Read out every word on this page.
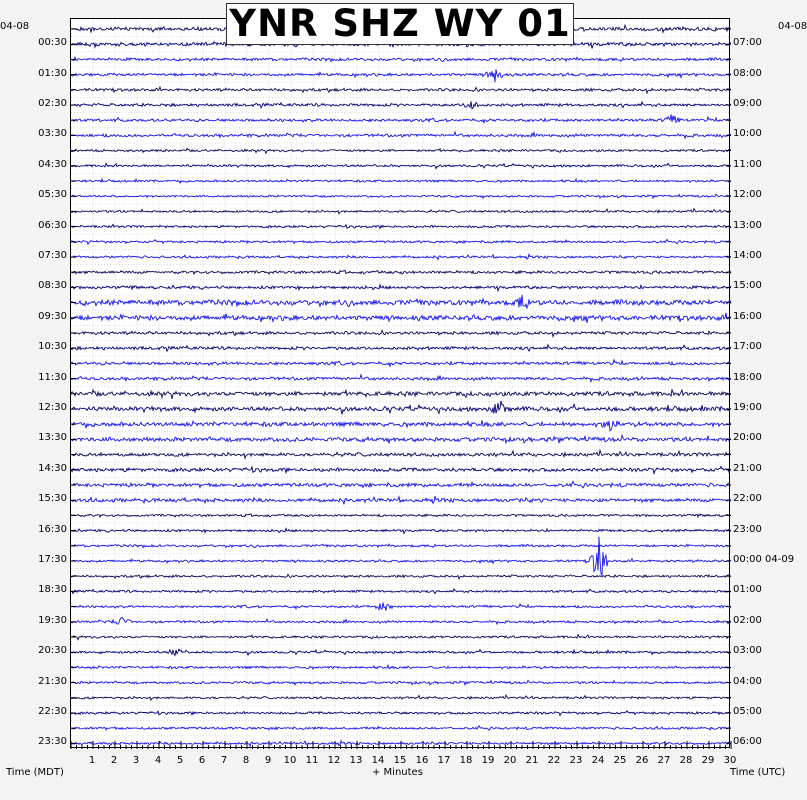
YNR SHZ WY 01
04-08	04-08
00:30
01:30
02:30
03:30
04:30
05:30
06:30
07:30
08:30
09:30
10:30
11:30
12:30
13:30
14:30
15:30
16:30
17:30
18:30
19:30
20:30
21:30
22:30
23:30
07:00
08:00
09:00
10:00
11:00
12:00
13:00
14:00
15:00
16:00
17:00
18:00
19:00
20:00
21:00
22:00
23:00
00:00 04-09
01:00
02:00
03:00
04:00
05:00
06:00
1	2	3	4	5	6	7	8	9	10 11 12 13 14 15 16 17 18 19 20 21 22 23 24 25 26 27 28 29 30
Time (MDT)	+ Minutes	Time (UTC)
